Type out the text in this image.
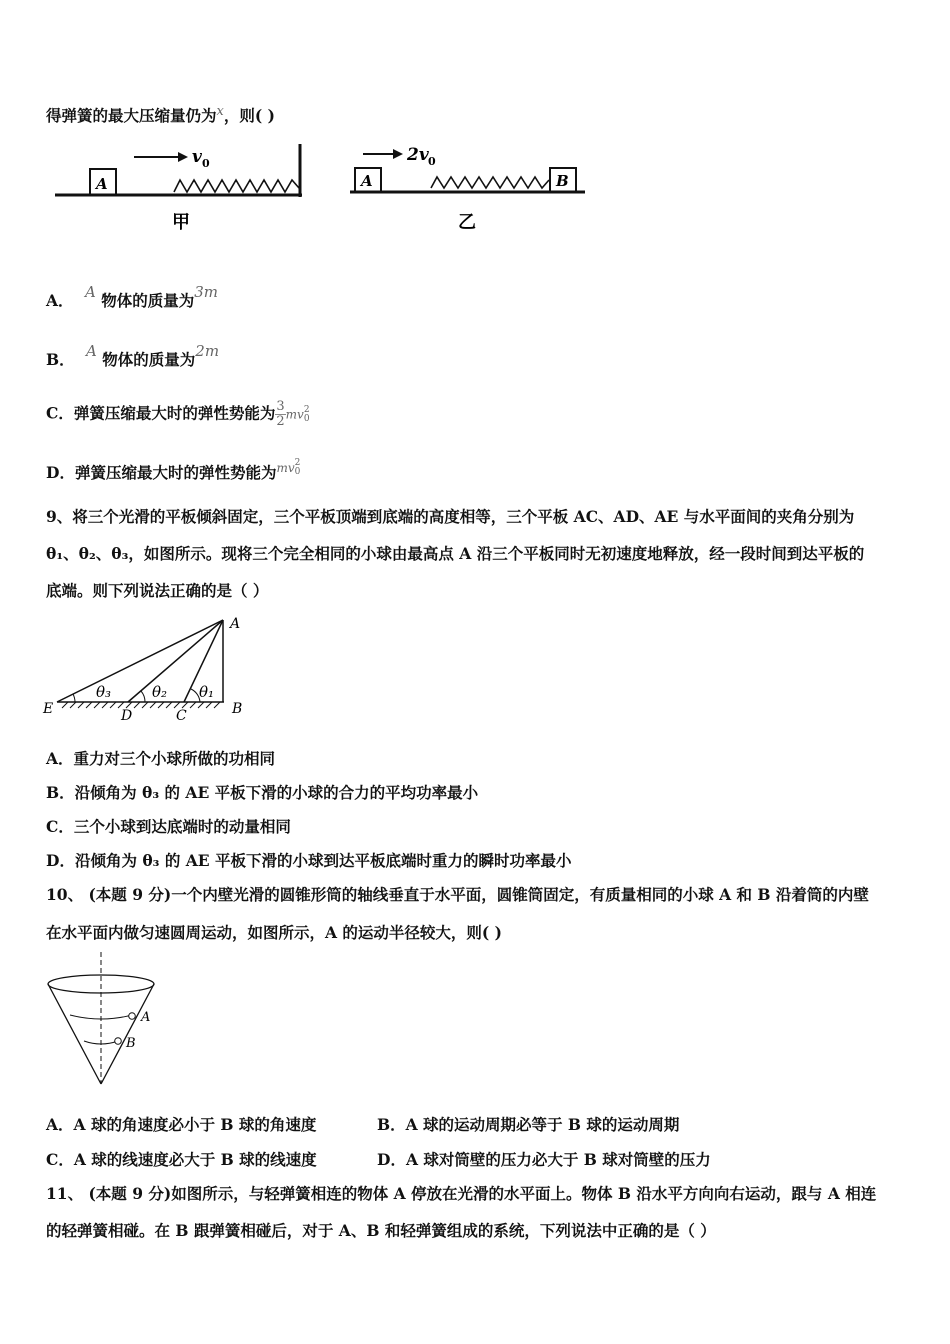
得弹簧的最大压缩量仍为$^x$，则( )
A
v 0
甲
A	B
2v 0
乙
A． A 物体的质量为3m
B． A 物体的质量为2m
C．弹簧压缩最大时的弹性势能为 $\frac{3}{2}$ mv 2
0
D．弹簧压缩最大时的弹性势能为$^{mv}$ 2
0
9、将三个光滑的平板倾斜固定，三个平板顶端到底端的高度相等，三个平板 AC、AD、AE 与水平面间的夹角分别为
θ₁、θ₂、θ₃，如图所示。现将三个完全相同的小球由最高点 A 沿三个平板同时无初速度地释放，经一段时间到达平板的
底端。则下列说法正确的是（ ）
A
B
C
D
E
θ₃	θ₂ θ₁
A．重力对三个小球所做的功相同
B．沿倾角为 θ₃ 的 AE 平板下滑的小球的合力的平均功率最小
C．三个小球到达底端时的动量相同
D．沿倾角为 θ₃ 的 AE 平板下滑的小球到达平板底端时重力的瞬时功率最小
10、 (本题 9 分)一个内壁光滑的圆锥形筒的轴线垂直于水平面，圆锥筒固定，有质量相同的小球 A 和 B 沿着筒的内壁
在水平面内做匀速圆周运动，如图所示，A 的运动半径较大，则( )
A
B
A．A 球的角速度必小于 B 球的角速度	B．A 球的运动周期必等于 B 球的运动周期
C．A 球的线速度必大于 B 球的线速度	D．A 球对筒壁的压力必大于 B 球对筒壁的压力
11、 (本题 9 分)如图所示，与轻弹簧相连的物体 A 停放在光滑的水平面上。物体 B 沿水平方向向右运动，跟与 A 相连
的轻弹簧相碰。在 B 跟弹簧相碰后，对于 A、B 和轻弹簧组成的系统，下列说法中正确的是（ ）
